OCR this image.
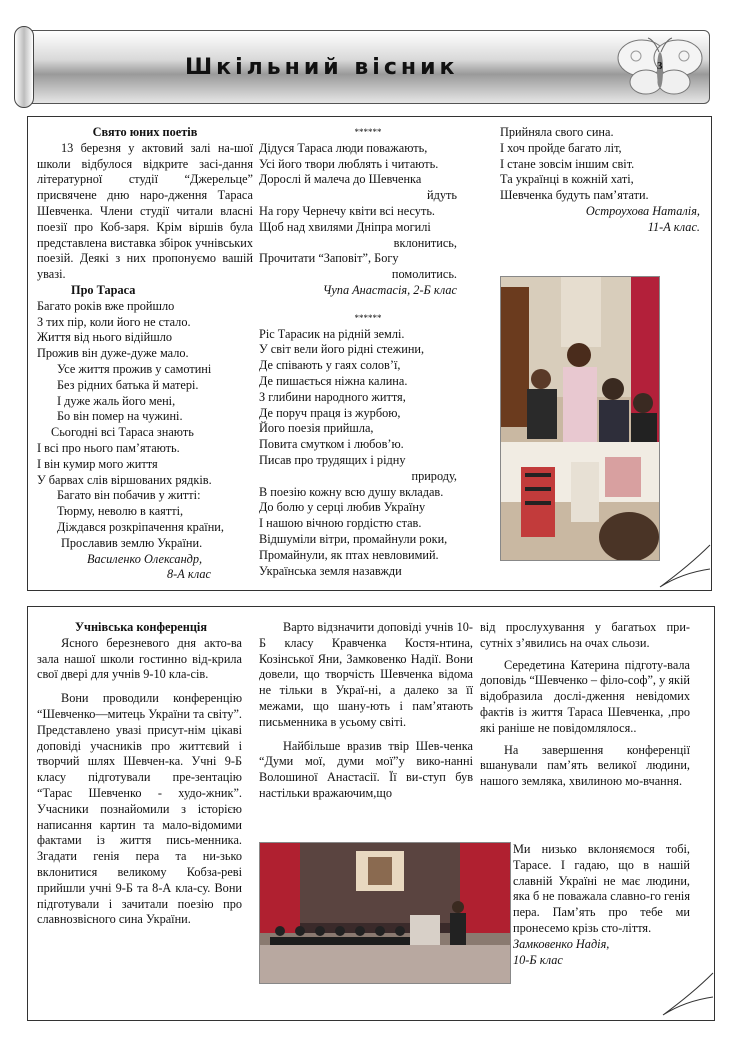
Шкільний вісник	3

Свято юних поетів

13 березня у актовий залі на-шої школи відбулося відкрите засі-дання літературної студії “Джерельце” присвячене дню наро-дження Тараса Шевченка. Члени студії читали власні поезії про Коб-заря. Крім віршів була представлена виставка збірок учнівських поезій. Деякі з них пропонуємо вашій увазі.

Про Тараса

Багато років вже пройшло

З тих пір, коли його не стало.

Життя від нього відійшло

Прожив він дуже-дуже мало.

Усе життя прожив у самотині

Без рідних батька й матері.

І дуже жаль його мені,

Бо він помер на чужині.

Сьогодні всі Тараса знають

І всі про нього пам’ятають.

І він кумир мого життя

У барвах слів віршованих рядків.

Багато він побачив у житті:

Тюрму, неволю в каятті,

Діждався розкріпачення країни,

Прославив землю України.

Василенко Олександр,

8-А клас

******

Дідуся Тараса люди поважають,

Усі його твори люблять і читають.

Дорослі й малеча до Шевченка

йдуть

На гору Чернечу квіти всі несуть.

Щоб над хвилями Дніпра могилі

вклонитись,

Прочитати “Заповіт”, Богу

помолитись.

Чупа Анастасія, 2-Б клас

******

Ріс Тарасик на рідній землі.

У світ вели його рідні стежини,

Де співають у гаях солов’ї,

Де пишається ніжна калина.

З глибини народного життя,

Де поруч праця із журбою,

Його поезія прийшла,

Повита смутком і любов’ю.

Писав про трудящих і рідну

природу,

В поезію кожну всю душу вкладав.

До болю у серці любив Україну

І нашою вічною гордістю став.

Відшуміли вітри, промайнули роки,

Промайнули, як птах невловимий.

Українська земля назавжди

Прийняла свого сина.

І хоч пройде багато літ,

І стане зовсім іншим світ.

Та українці в кожній хаті,

Шевченка будуть пам’ятати.

Остроухова Наталія,

11-А клас.

Учнівська конференція

Ясного березневого дня акто-ва зала нашої школи гостинно від-крила свої двері для учнів 9-10 кла-сів.

Вони проводили конференцію “Шевченко—митець України та світу”. Представлено увазі присут-нім цікаві доповіді учасників про життєвий і творчий шлях Шевчен-ка. Учні 9-Б класу підготували пре-зентацію “Тарас Шевченко - худо-жник”. Учасники познайомили з історією написання картин та мало-відомими фактами із життя пись-менника. Згадати генія пера та ни-зько вклонитися великому Кобза-реві прийшли учні 9-Б та 8-А кла-су. Вони підготували і зачитали поезію про славнозвісного сина України.

Варто відзначити доповіді учнів 10-Б класу Кравченка Костя-нтина, Козінської Яни, Замковенко Надії. Вони довели, що творчість Шевченка відома не тільки в Украї-ні, а далеко за її межами, що шану-ють і пам’ятають письменника в усьому світі.

Найбільше вразив твір Шев-ченка “Думи мої, думи мої”у вико-нанні Волошиної Анастасії. Її ви-ступ був настільки вражаючим,що

від прослухування у багатьох при-сутніх з’явились на очах сльози.

Середетина Катерина підготу-вала доповідь “Шевченко – філо-соф”, у якій відобразила дослі-дження невідомих фактів із життя Тараса Шевченка, ,про які раніше не повідомлялося..

На завершення конференції вшанували пам’ять великої людини, нашого земляка, хвилиною мо-вчання.

Ми низько вклоняємося тобі, Тарасе. І гадаю, що в нашій славній Україні не має людини, яка б не поважала славно-го генія пера. Пам’ять про тебе ми пронесемо крізь сто-ліття.

Замковенко Надія,

10-Б клас
